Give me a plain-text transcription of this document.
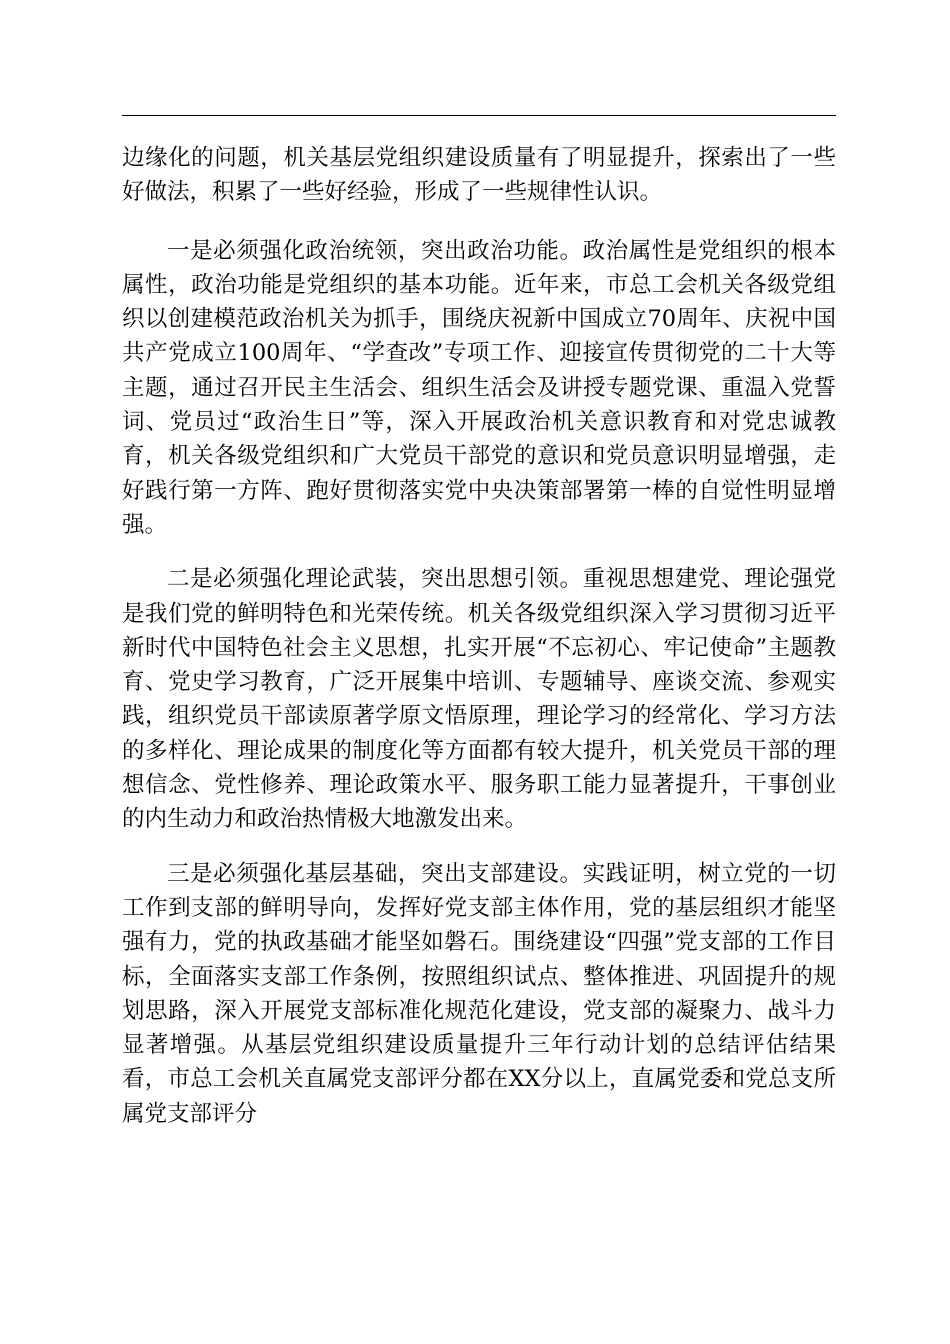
边缘化的问题，机关基层党组织建设质量有了明显提升，探索出了一些好做法，积累了一些好经验，形成了一些规律性认识。

一是必须强化政治统领，突出政治功能。政治属性是党组织的根本属性，政治功能是党组织的基本功能。近年来，市总工会机关各级党组织以创建模范政治机关为抓手，围绕庆祝新中国成立70周年、庆祝中国共产党成立100周年、“学查改”专项工作、迎接宣传贯彻党的二十大等主题，通过召开民主生活会、组织生活会及讲授专题党课、重温入党誓词、党员过“政治生日”等，深入开展政治机关意识教育和对党忠诚教育，机关各级党组织和广大党员干部党的意识和党员意识明显增强，走好践行第一方阵、跑好贯彻落实党中央决策部署第一棒的自觉性明显增强。

二是必须强化理论武装，突出思想引领。重视思想建党、理论强党是我们党的鲜明特色和光荣传统。机关各级党组织深入学习贯彻习近平新时代中国特色社会主义思想，扎实开展“不忘初心、牢记使命”主题教育、党史学习教育，广泛开展集中培训、专题辅导、座谈交流、参观实践，组织党员干部读原著学原文悟原理，理论学习的经常化、学习方法的多样化、理论成果的制度化等方面都有较大提升，机关党员干部的理想信念、党性修养、理论政策水平、服务职工能力显著提升，干事创业的内生动力和政治热情极大地激发出来。

三是必须强化基层基础，突出支部建设。实践证明，树立党的一切工作到支部的鲜明导向，发挥好党支部主体作用，党的基层组织才能坚强有力，党的执政基础才能坚如磐石。围绕建设“四强”党支部的工作目标，全面落实支部工作条例，按照组织试点、整体推进、巩固提升的规划思路，深入开展党支部标准化规范化建设，党支部的凝聚力、战斗力显著增强。从基层党组织建设质量提升三年行动计划的总结评估结果看，市总工会机关直属党支部评分都在XX分以上，直属党委和党总支所属党支部评分
